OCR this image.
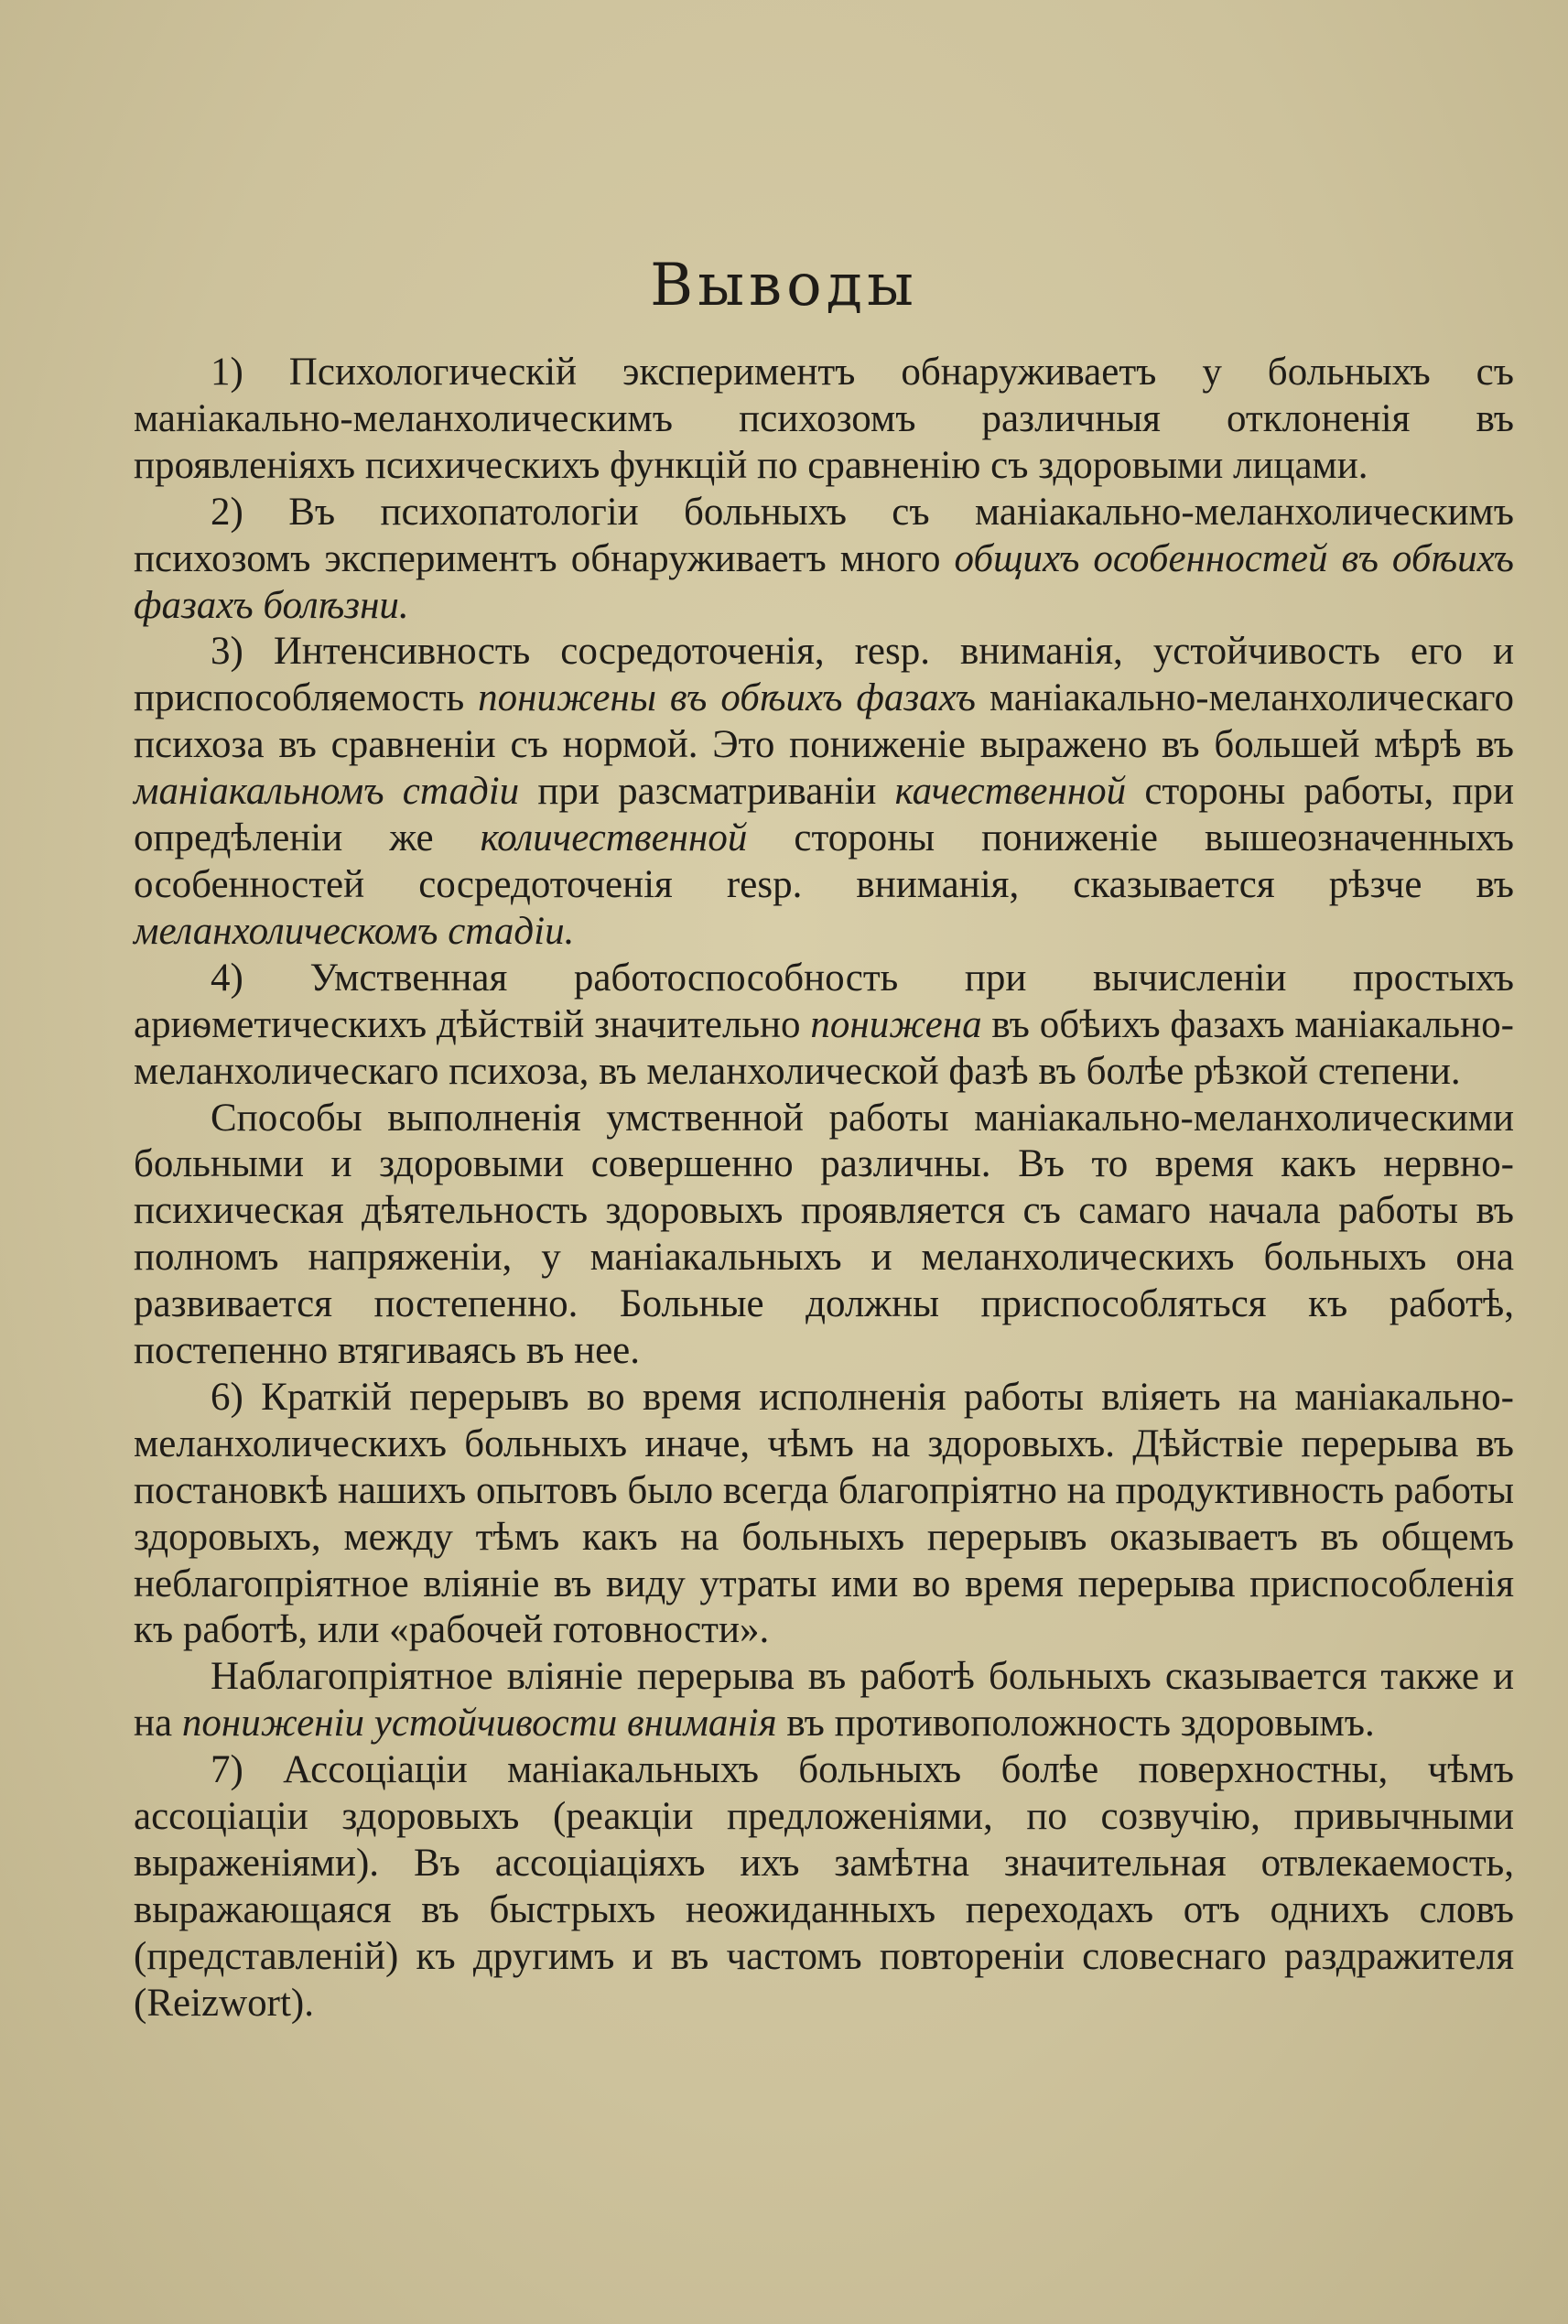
Выводы

1) Психологическiй экспериментъ обнаруживаетъ у больныхъ съ маніакально-меланхолическимъ психозомъ различныя отклоненія въ проявленіяхъ психическихъ функцiй по сравненiю съ здоровыми лицами.

2) Въ психопатологiи больныхъ съ маніакально-меланхолическимъ психозомъ экспериментъ обнаруживаетъ много общихъ особенностей въ обѣихъ фазахъ болѣзни.

3) Интенсивность сосредоточенія, resp. вниманія, устойчивость его и приспособляемость понижены въ обѣихъ фазахъ маніакально-меланхолическаго психоза въ сравненiи съ нормой. Это пониженіе выражено въ большей мѣрѣ въ маніакальномъ стадіи при разсматриванiи качественной стороны работы, при опредѣленiи же количественной стороны пониженіе вышеозначенныхъ особенностей сосредоточенія resp. вниманія, сказывается рѣзче въ меланхолическомъ стадіи.

4) Умственная работоспособность при вычисленiи простыхъ ариѳметическихъ дѣйствiй значительно понижена въ обѣихъ фазахъ маніакально-меланхолическаго психоза, въ меланхолической фазѣ въ болѣе рѣзкой степени.

Способы выполненія умственной работы маніакально-меланхолическими больными и здоровыми совершенно различны. Въ то время какъ нервно-психическая дѣятельность здоровыхъ проявляется съ самаго начала работы въ полномъ напряженiи, у маніакальныхъ и меланхолическихъ больныхъ она развивается постепенно. Больные должны приспособляться къ работѣ, постепенно втягиваясь въ нее.

6) Краткiй перерывъ во время исполненія работы вліяеть на маніакально-меланхолическихъ больныхъ иначе, чѣмъ на здоровыхъ. Дѣйствіе перерыва въ постановкѣ нашихъ опытовъ было всегда благопріятно на продуктивность работы здоровыхъ, между тѣмъ какъ на больныхъ перерывъ оказываетъ въ общемъ неблагопріятное вліяніе въ виду утраты ими во время перерыва приспособленія къ работѣ, или «рабочей готовности».

Наблагопріятное вліяніе перерыва въ работѣ больныхъ сказывается также и на пониженiи устойчивости вниманiя въ противоположность здоровымъ.

7) Ассоціацiи маніакальныхъ больныхъ болѣе поверхностны, чѣмъ ассоціацiи здоровыхъ (реакцiи предложеніями, по созвучію, привычными выраженіями). Въ ассоціацiяхъ ихъ замѣтна значительная отвлекаемость, выражающаяся въ быстрыхъ неожиданныхъ переходахъ отъ однихъ словъ (представленiй) къ другимъ и въ частомъ повторенiи словеснаго раздражителя (Reizwort).
